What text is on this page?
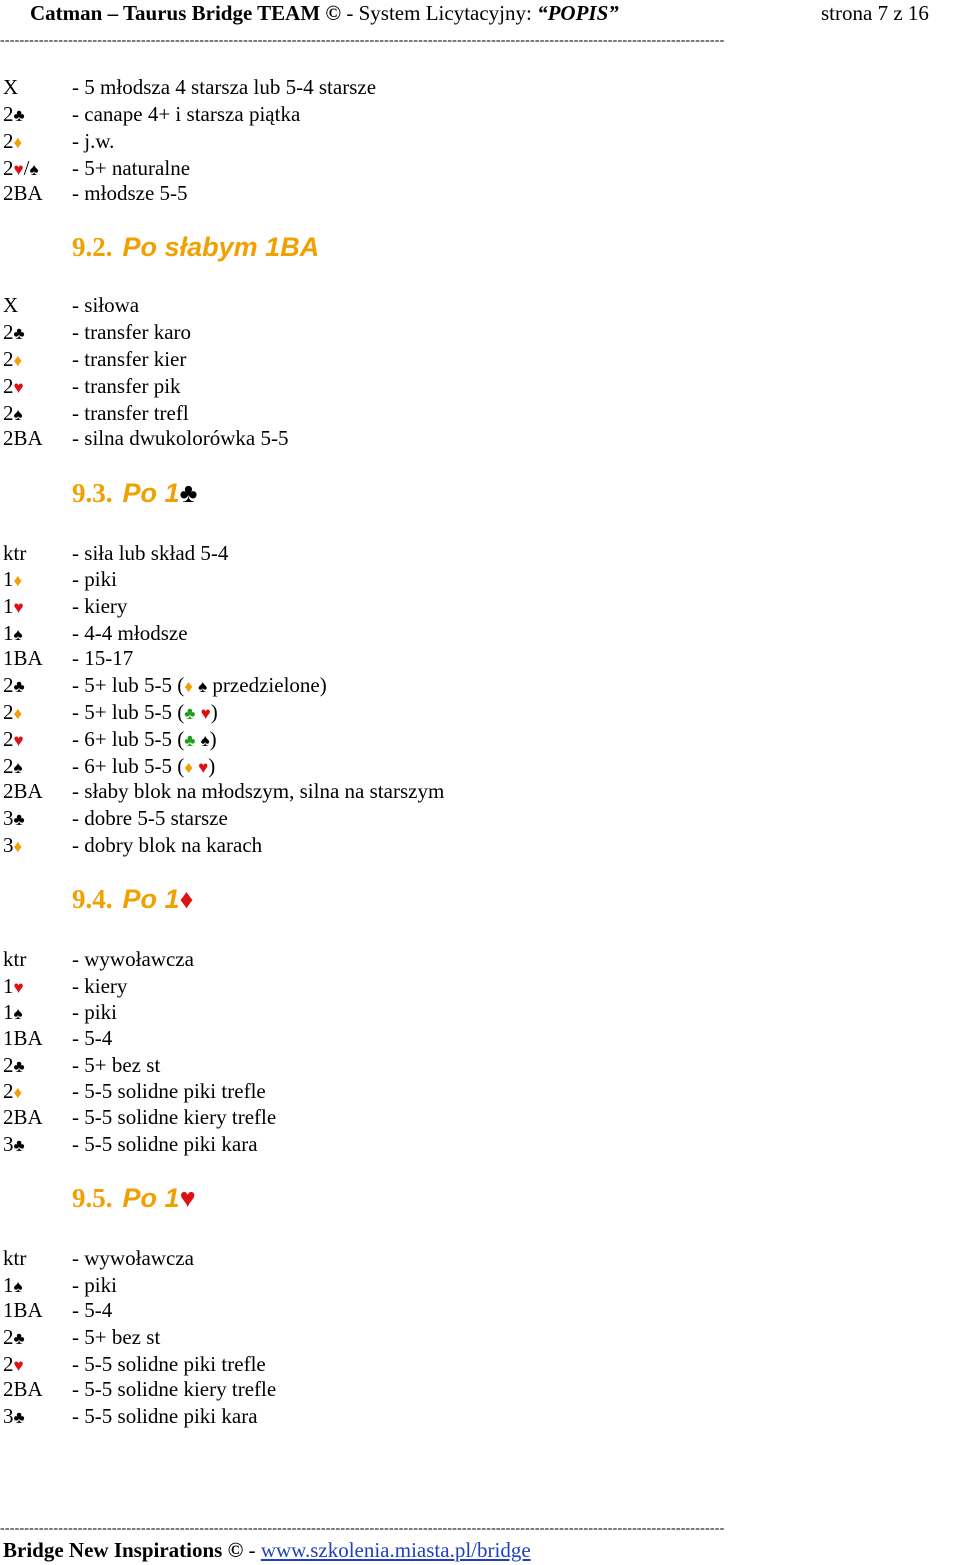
Catman – Taurus Bridge TEAM © - System Licytacyjny: “POPIS”	strona 7 z 16
-----------------------------------------------------------------------------------------------------------------------------------------------------
X	- 5 młodsza 4 starsza lub 5-4 starsze
2♣ - canape 4+ i starsza piątka
2♦ - j.w.
2♥/♠ - 5+ naturalne
2BA - młodsze 5-5
9.2. Po słabym 1BA
X	- siłowa
2♣ - transfer karo
2♦ - transfer kier
2♥ - transfer pik
2♠ - transfer trefl
2BA - silna dwukolorówka 5-5
9.3. Po 1♣
ktr - siła lub skład 5-4
1♦ - piki
1♥ - kiery
1♠ - 4-4 młodsze
1BA - 15-17
2♣ - 5+ lub 5-5 (♦ ♠ przedzielone)
2♦ - 5+ lub 5-5 (♣ ♥)
2♥ - 6+ lub 5-5 (♣ ♠)
2♠ - 6+ lub 5-5 (♦ ♥)
2BA - słaby blok na młodszym, silna na starszym
3♣ - dobre 5-5 starsze
3♦ - dobry blok na karach
9.4. Po 1♦
ktr - wywoławcza
1♥ - kiery
1♠ - piki
1BA - 5-4
2♣ - 5+ bez st
2♦ - 5-5 solidne piki trefle
2BA - 5-5 solidne kiery trefle
3♣ - 5-5 solidne piki kara
9.5. Po 1♥
ktr - wywoławcza
1♠ - piki
1BA - 5-4
2♣ - 5+ bez st
2♥ - 5-5 solidne piki trefle
2BA - 5-5 solidne kiery trefle
3♣ - 5-5 solidne piki kara
-----------------------------------------------------------------------------------------------------------------------------------------------------
Bridge New Inspirations © - www.szkolenia.miasta.pl/bridge
